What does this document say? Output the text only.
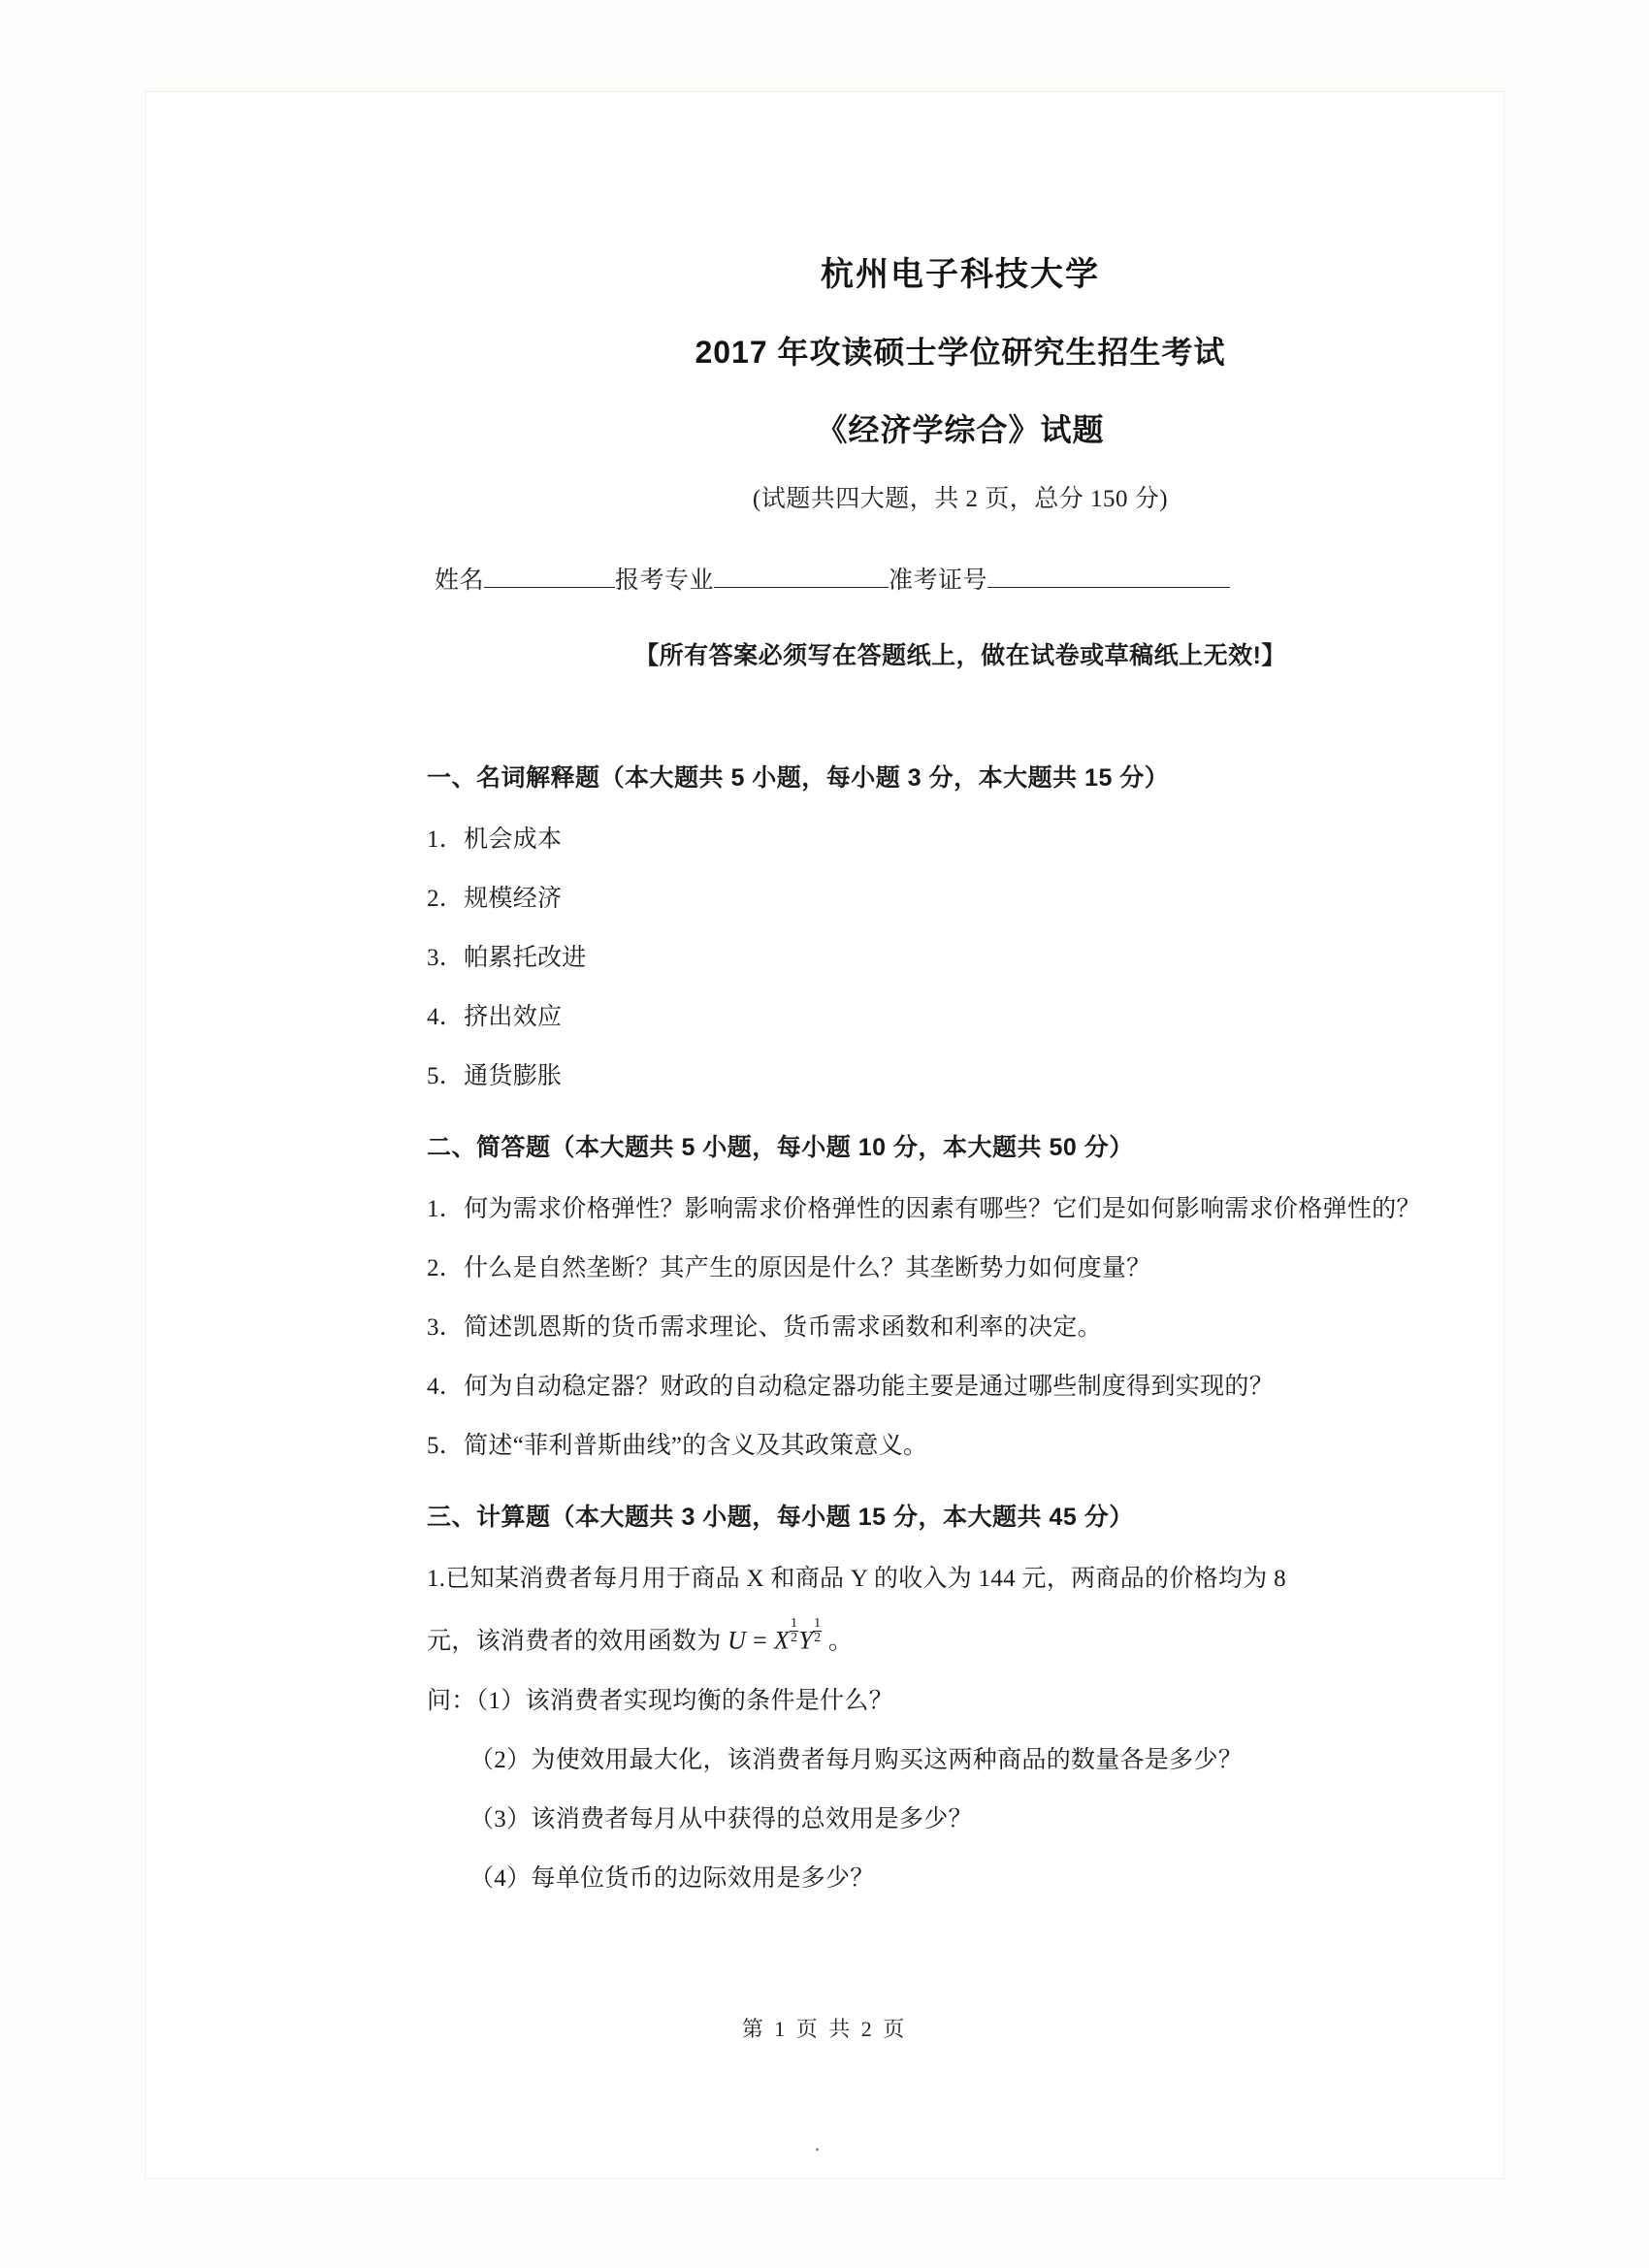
杭州电子科技大学
2017 年攻读硕士学位研究生招生考试
《经济学综合》试题
(试题共四大题，共 2 页，总分 150 分)
姓名	报考专业	准考证号
【所有答案必须写在答题纸上，做在试卷或草稿纸上无效!】
一、名词解释题（本大题共 5 小题，每小题 3 分，本大题共 15 分）

1．机会成本

2．规模经济

3．帕累托改进

4．挤出效应

5．通货膨胀

二、简答题（本大题共 5 小题，每小题 10 分，本大题共 50 分）

1．何为需求价格弹性？影响需求价格弹性的因素有哪些？它们是如何影响需求价格弹性的？

2．什么是自然垄断？其产生的原因是什么？其垄断势力如何度量？

3．简述凯恩斯的货币需求理论、货币需求函数和利率的决定。

4．何为自动稳定器？财政的自动稳定器功能主要是通过哪些制度得到实现的？

5．简述“菲利普斯曲线”的含义及其政策意义。

三、计算题（本大题共 3 小题，每小题 15 分，本大题共 45 分）

1.已知某消费者每月用于商品 X 和商品 Y 的收入为 144 元，两商品的价格均为 8

元，该消费者的效用函数为 U = X $\frac{1}{2}$ Y $\frac{1}{2}$ 。

问：（1）该消费者实现均衡的条件是什么？

（2）为使效用最大化，该消费者每月购买这两种商品的数量各是多少？

（3）该消费者每月从中获得的总效用是多少？

（4）每单位货币的边际效用是多少？

第 1 页 共 2 页
.
